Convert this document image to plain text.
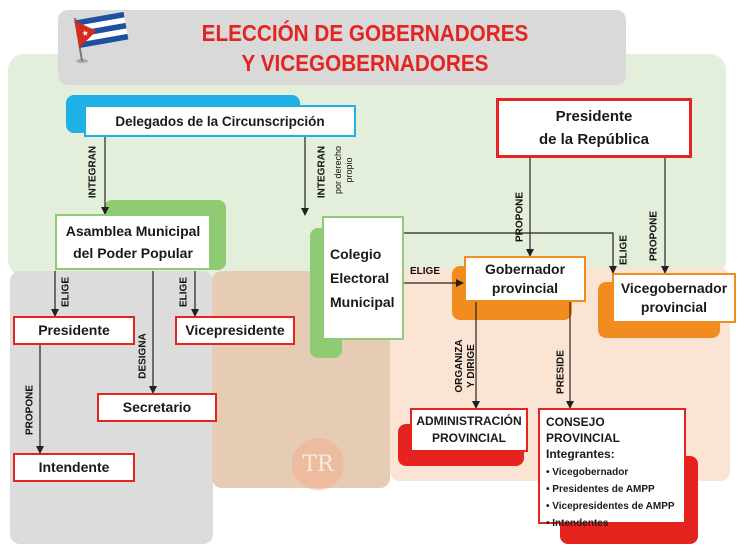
★	ELECCIÓN DE GOBERNADORES
Y VICEGOBERNADORES
INTEGRAN	INTEGRAN por derecho propio
PROPONE	PROPONE
ELIGE
ELIGE
ELIGE	ELIGE
DESIGNA
PROPONE
ORGANIZA Y DIRIGE	PRESIDE
Delegados de la Circunscripción	Presidente
de la República
Asamblea Municipal
del Poder Popular	Colegio
Electoral
Municipal
Gobernador
provincial	Vicegobernador
provincial
Presidente	Vicepresidente
Secretario
Intendente
ADMINISTRACIÓN
PROVINCIAL
CONSEJO PROVINCIAL
Integrantes:
• Vicegobernador
• Presidentes de AMPP
• Vicepresidentes de AMPP
• Intendentes
TR
